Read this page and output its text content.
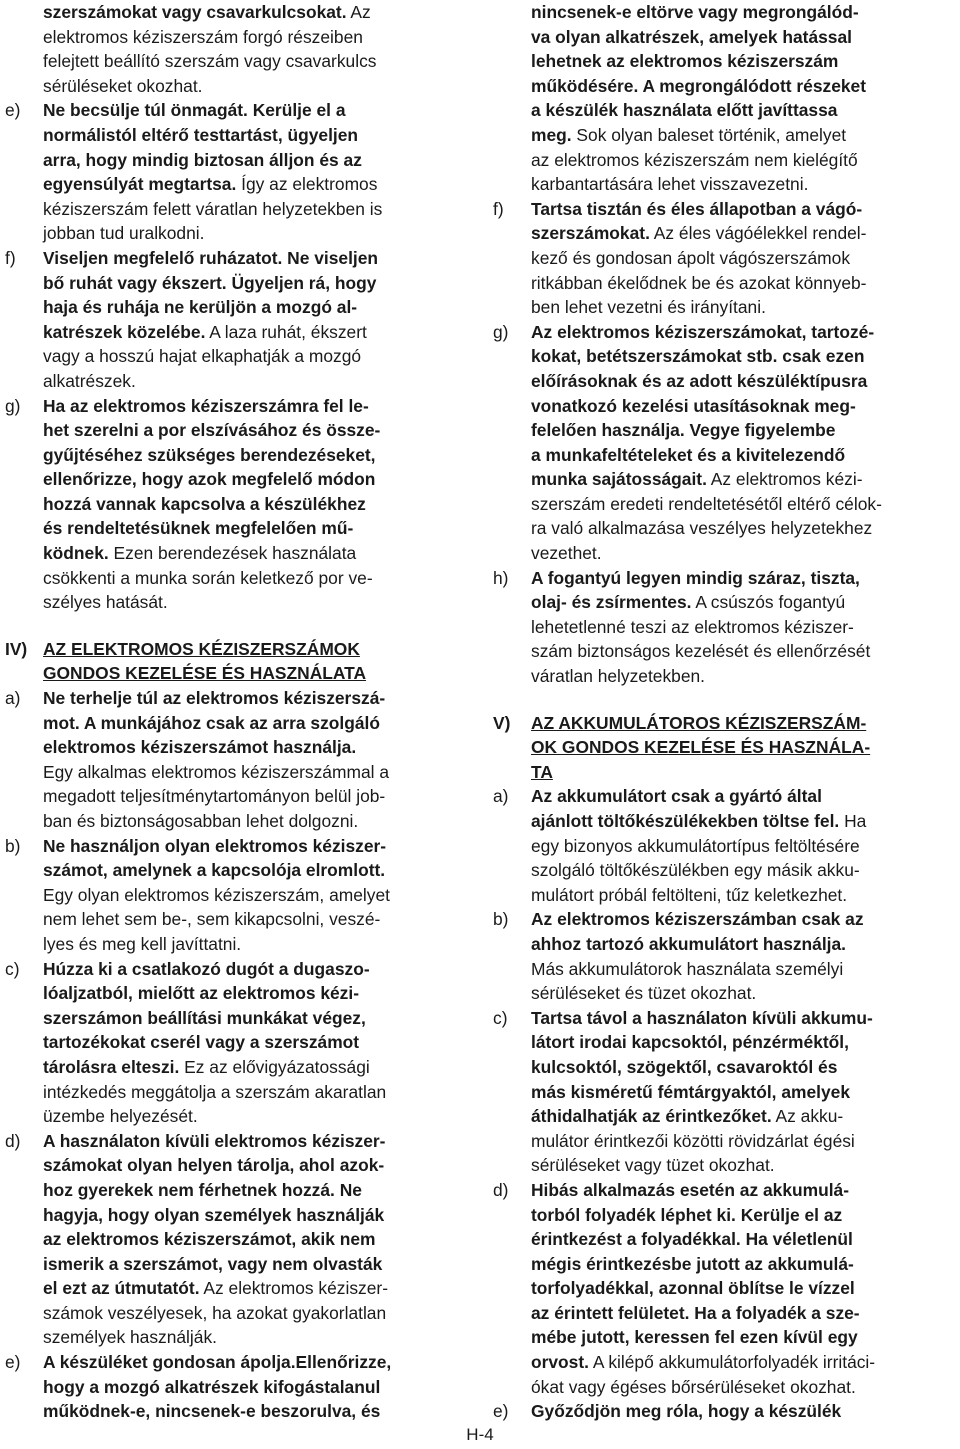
szerszámokat vagy csavarkulcsokat. Az
elektromos kéziszerszám forgó részeiben
felejtett beállító szerszám vagy csavarkulcs
sérüléseket okozhat.
e) Ne becsülje túl önmagát. Kerülje el a
normálistól eltérő testtartást, ügyeljen
arra, hogy mindig biztosan álljon és az
egyensúlyát megtartsa. Így az elektromos
kéziszerszám felett váratlan helyzetekben is
jobban tud uralkodni.
f) Viseljen megfelelő ruházatot. Ne viseljen
bő ruhát vagy ékszert. Ügyeljen rá, hogy
haja és ruhája ne kerüljön a mozgó al-
katrészek közelébe. A laza ruhát, ékszert
vagy a hosszú hajat elkaphatják a mozgó
alkatrészek.
g) Ha az elektromos kéziszerszámra fel le-
het szerelni a por elszívásához és össze-
gyűjtéséhez szükséges berendezéseket,
ellenőrizze, hogy azok megfelelő módon
hozzá vannak kapcsolva a készülékhez
és rendeltetésüknek megfelelően mű-
ködnek. Ezen berendezések használata
csökkenti a munka során keletkező por ve-
szélyes hatását.
IV) AZ ELEKTROMOS KÉZISZERSZÁMOK
GONDOS KEZELÉSE ÉS HASZNÁLATA
a) Ne terhelje túl az elektromos kéziszerszá-
mot. A munkájához csak az arra szolgáló
elektromos kéziszerszámot használja.
Egy alkalmas elektromos kéziszerszámmal a
megadott teljesítménytartományon belül job-
ban és biztonságosabban lehet dolgozni.
b) Ne használjon olyan elektromos kéziszer-
számot, amelynek a kapcsolója elromlott.
Egy olyan elektromos kéziszerszám, amelyet
nem lehet sem be-, sem kikapcsolni, veszé-
lyes és meg kell javíttatni.
c) Húzza ki a csatlakozó dugót a dugaszo-
lóaljzatból, mielőtt az elektromos kézi-
szerszámon beállítási munkákat végez,
tartozékokat cserél vagy a szerszámot
tárolásra elteszi. Ez az elővigyázatossági
intézkedés meggátolja a szerszám akaratlan
üzembe helyezését.
d) A használaton kívüli elektromos kéziszer-
számokat olyan helyen tárolja, ahol azok-
hoz gyerekek nem férhetnek hozzá. Ne
hagyja, hogy olyan személyek használják
az elektromos kéziszerszámot, akik nem
ismerik a szerszámot, vagy nem olvasták
el ezt az útmutatót. Az elektromos kéziszer-
számok veszélyesek, ha azokat gyakorlatlan
személyek használják.
e) A készüléket gondosan ápolja.Ellenőrizze,
hogy a mozgó alkatrészek kifogástalanul
működnek-e, nincsenek-e beszorulva, és
nincsenek-e eltörve vagy megrongálód-
va olyan alkatrészek, amelyek hatással
lehetnek az elektromos kéziszerszám
működésére. A megrongálódott részeket
a készülék használata előtt javíttassa
meg. Sok olyan baleset történik, amelyet
az elektromos kéziszerszám nem kielégítő
karbantartására lehet visszavezetni.
f) Tartsa tisztán és éles állapotban a vágó-
szerszámokat. Az éles vágóélekkel rendel-
kező és gondosan ápolt vágószerszámok
ritkábban ékelődnek be és azokat könnyeb-
ben lehet vezetni és irányítani.
g) Az elektromos kéziszerszámokat, tartozé-
kokat, betétszerszámokat stb. csak ezen
előírásoknak és az adott készüléktípusra
vonatkozó kezelési utasításoknak meg-
felelően használja. Vegye figyelembe
a munkafeltételeket és a kivitelezendő
munka sajátosságait. Az elektromos kézi-
szerszám eredeti rendeltetésétől eltérő célok-
ra való alkalmazása veszélyes helyzetekhez
vezethet.
h) A fogantyú legyen mindig száraz, tiszta,
olaj- és zsírmentes. A csúszós fogantyú
lehetetlenné teszi az elektromos kéziszer-
szám biztonságos kezelését és ellenőrzését
váratlan helyzetekben.
V) AZ AKKUMULÁTOROS KÉZISZERSZÁM-
OK GONDOS KEZELÉSE ÉS HASZNÁLA-
TA
a) Az akkumulátort csak a gyártó által
ajánlott töltőkészülékekben töltse fel. Ha
egy bizonyos akkumulátortípus feltöltésére
szolgáló töltőkészülékben egy másik akku-
mulátort próbál feltölteni, tűz keletkezhet.
b) Az elektromos kéziszerszámban csak az
ahhoz tartozó akkumulátort használja.
Más akkumulátorok használata személyi
sérüléseket és tüzet okozhat.
c) Tartsa távol a használaton kívüli akkumu-
látort irodai kapcsoktól, pénzérméktől,
kulcsoktól, szögektől, csavaroktól és
más kisméretű fémtárgyaktól, amelyek
áthidalhatják az érintkezőket. Az akku-
mulátor érintkezői közötti rövidzárlat égési
sérüléseket vagy tüzet okozhat.
d) Hibás alkalmazás esetén az akkumulá-
torból folyadék léphet ki. Kerülje el az
érintkezést a folyadékkal. Ha véletlenül
mégis érintkezésbe jutott az akkumulá-
torfolyadékkal, azonnal öblítse le vízzel
az érintett felületet. Ha a folyadék a sze-
mébe jutott, keressen fel ezen kívül egy
orvost. A kilépő akkumulátorfolyadék irritáci-
ókat vagy égéses bőrsérüléseket okozhat.
e) Győződjön meg róla, hogy a készülék
H-4
